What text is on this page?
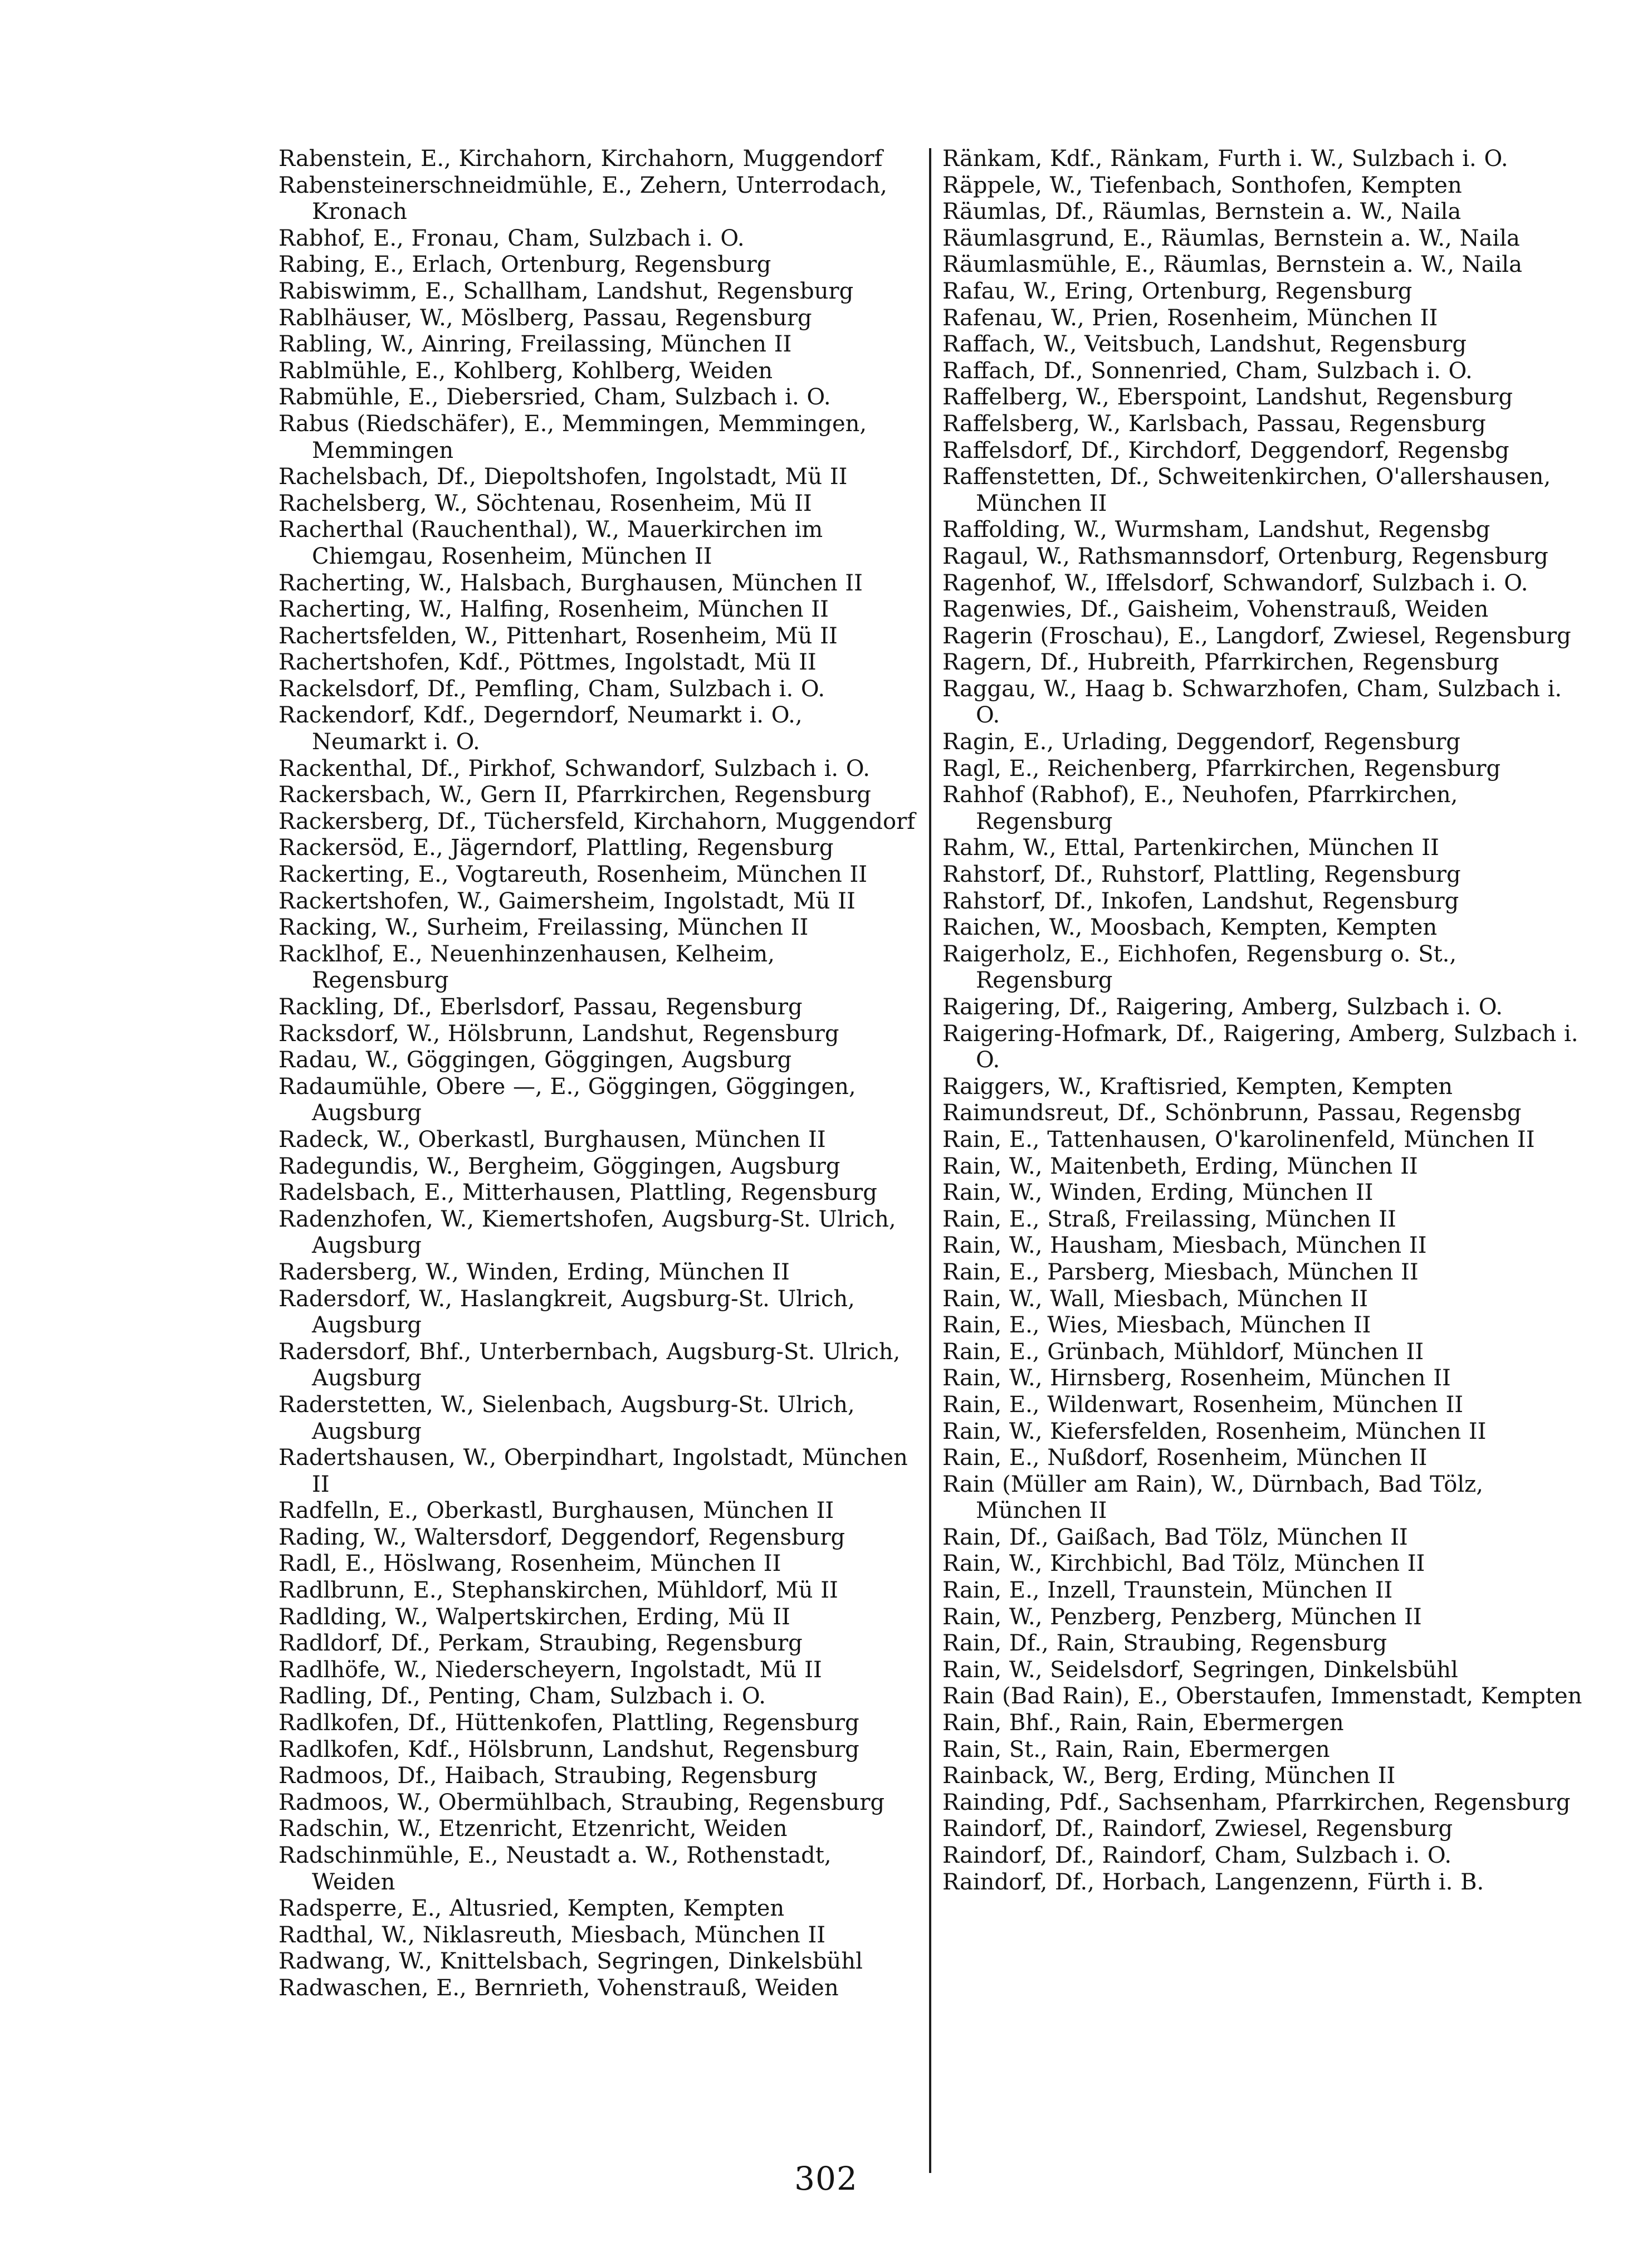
Rabenstein, E., Kirchahorn, Kirchahorn, Muggendorf
Rabensteinerschneidmühle, E., Zehern, Unterrodach, Kronach
Rabhof, E., Fronau, Cham, Sulzbach i. O.
Rabing, E., Erlach, Ortenburg, Regensburg
Rabiswimm, E., Schallham, Landshut, Regensburg
Rablhäuser, W., Möslberg, Passau, Regensburg
Rabling, W., Ainring, Freilassing, München II
Rablmühle, E., Kohlberg, Kohlberg, Weiden
Rabmühle, E., Diebersried, Cham, Sulzbach i. O.
Rabus (Riedschäfer), E., Memmingen, Memmingen, Memmingen
Rachelsbach, Df., Diepoltshofen, Ingolstadt, Mü II
Rachelsberg, W., Söchtenau, Rosenheim, Mü II
Racherthal (Rauchenthal), W., Mauerkirchen im Chiemgau, Rosenheim, München II
Racherting, W., Halsbach, Burghausen, München II
Racherting, W., Halfing, Rosenheim, München II
Rachertsfelden, W., Pittenhart, Rosenheim, Mü II
Rachertshofen, Kdf., Pöttmes, Ingolstadt, Mü II
Rackelsdorf, Df., Pemfling, Cham, Sulzbach i. O.
Rackendorf, Kdf., Degerndorf, Neumarkt i. O., Neumarkt i. O.
Rackenthal, Df., Pirkhof, Schwandorf, Sulzbach i. O.
Rackersbach, W., Gern II, Pfarrkirchen, Regensburg
Rackersberg, Df., Tüchersfeld, Kirchahorn, Muggendorf
Rackersöd, E., Jägerndorf, Plattling, Regensburg
Rackerting, E., Vogtareuth, Rosenheim, München II
Rackertshofen, W., Gaimersheim, Ingolstadt, Mü II
Racking, W., Surheim, Freilassing, München II
Racklhof, E., Neuenhinzenhausen, Kelheim, Regensburg
Rackling, Df., Eberlsdorf, Passau, Regensburg
Racksdorf, W., Hölsbrunn, Landshut, Regensburg
Radau, W., Göggingen, Göggingen, Augsburg
Radaumühle, Obere —, E., Göggingen, Göggingen, Augsburg
Radeck, W., Oberkastl, Burghausen, München II
Radegundis, W., Bergheim, Göggingen, Augsburg
Radelsbach, E., Mitterhausen, Plattling, Regensburg
Radenzhofen, W., Kiemertshofen, Augsburg-St. Ulrich, Augsburg
Radersberg, W., Winden, Erding, München II
Radersdorf, W., Haslangkreit, Augsburg-St. Ulrich, Augsburg
Radersdorf, Bhf., Unterbernbach, Augsburg-St. Ulrich, Augsburg
Raderstetten, W., Sielenbach, Augsburg-St. Ulrich, Augsburg
Radertshausen, W., Oberpindhart, Ingolstadt, München II
Radfelln, E., Oberkastl, Burghausen, München II
Rading, W., Waltersdorf, Deggendorf, Regensburg
Radl, E., Höslwang, Rosenheim, München II
Radlbrunn, E., Stephanskirchen, Mühldorf, Mü II
Radlding, W., Walpertskirchen, Erding, Mü II
Radldorf, Df., Perkam, Straubing, Regensburg
Radlhöfe, W., Niederscheyern, Ingolstadt, Mü II
Radling, Df., Penting, Cham, Sulzbach i. O.
Radlkofen, Df., Hüttenkofen, Plattling, Regensburg
Radlkofen, Kdf., Hölsbrunn, Landshut, Regensburg
Radmoos, Df., Haibach, Straubing, Regensburg
Radmoos, W., Obermühlbach, Straubing, Regensburg
Radschin, W., Etzenricht, Etzenricht, Weiden
Radschinmühle, E., Neustadt a. W., Rothenstadt, Weiden
Radsperre, E., Altusried, Kempten, Kempten
Radthal, W., Niklasreuth, Miesbach, München II
Radwang, W., Knittelsbach, Segringen, Dinkelsbühl
Radwaschen, E., Bernrieth, Vohenstrauß, Weiden
Ränkam, Kdf., Ränkam, Furth i. W., Sulzbach i. O.
Räppele, W., Tiefenbach, Sonthofen, Kempten
Räumlas, Df., Räumlas, Bernstein a. W., Naila
Räumlasgrund, E., Räumlas, Bernstein a. W., Naila
Räumlasmühle, E., Räumlas, Bernstein a. W., Naila
Rafau, W., Ering, Ortenburg, Regensburg
Rafenau, W., Prien, Rosenheim, München II
Raffach, W., Veitsbuch, Landshut, Regensburg
Raffach, Df., Sonnenried, Cham, Sulzbach i. O.
Raffelberg, W., Eberspoint, Landshut, Regensburg
Raffelsberg, W., Karlsbach, Passau, Regensburg
Raffelsdorf, Df., Kirchdorf, Deggendorf, Regensbg
Raffenstetten, Df., Schweitenkirchen, O'allershausen, München II
Raffolding, W., Wurmsham, Landshut, Regensbg
Ragaul, W., Rathsmannsdorf, Ortenburg, Regensburg
Ragenhof, W., Iffelsdorf, Schwandorf, Sulzbach i. O.
Ragenwies, Df., Gaisheim, Vohenstrauß, Weiden
Ragerin (Froschau), E., Langdorf, Zwiesel, Regensburg
Ragern, Df., Hubreith, Pfarrkirchen, Regensburg
Raggau, W., Haag b. Schwarzhofen, Cham, Sulzbach i. O.
Ragin, E., Urlading, Deggendorf, Regensburg
Ragl, E., Reichenberg, Pfarrkirchen, Regensburg
Rahhof (Rabhof), E., Neuhofen, Pfarrkirchen, Regensburg
Rahm, W., Ettal, Partenkirchen, München II
Rahstorf, Df., Ruhstorf, Plattling, Regensburg
Rahstorf, Df., Inkofen, Landshut, Regensburg
Raichen, W., Moosbach, Kempten, Kempten
Raigerholz, E., Eichhofen, Regensburg o. St., Regensburg
Raigering, Df., Raigering, Amberg, Sulzbach i. O.
Raigering-Hofmark, Df., Raigering, Amberg, Sulzbach i. O.
Raiggers, W., Kraftisried, Kempten, Kempten
Raimundsreut, Df., Schönbrunn, Passau, Regensbg
Rain, E., Tattenhausen, O'karolinenfeld, München II
Rain, W., Maitenbeth, Erding, München II
Rain, W., Winden, Erding, München II
Rain, E., Straß, Freilassing, München II
Rain, W., Hausham, Miesbach, München II
Rain, E., Parsberg, Miesbach, München II
Rain, W., Wall, Miesbach, München II
Rain, E., Wies, Miesbach, München II
Rain, E., Grünbach, Mühldorf, München II
Rain, W., Hirnsberg, Rosenheim, München II
Rain, E., Wildenwart, Rosenheim, München II
Rain, W., Kiefersfelden, Rosenheim, München II
Rain, E., Nußdorf, Rosenheim, München II
Rain (Müller am Rain), W., Dürnbach, Bad Tölz, München II
Rain, Df., Gaißach, Bad Tölz, München II
Rain, W., Kirchbichl, Bad Tölz, München II
Rain, E., Inzell, Traunstein, München II
Rain, W., Penzberg, Penzberg, München II
Rain, Df., Rain, Straubing, Regensburg
Rain, W., Seidelsdorf, Segringen, Dinkelsbühl
Rain (Bad Rain), E., Oberstaufen, Immenstadt, Kempten
Rain, Bhf., Rain, Rain, Ebermergen
Rain, St., Rain, Rain, Ebermergen
Rainback, W., Berg, Erding, München II
Rainding, Pdf., Sachsenham, Pfarrkirchen, Regensburg
Raindorf, Df., Raindorf, Zwiesel, Regensburg
Raindorf, Df., Raindorf, Cham, Sulzbach i. O.
Raindorf, Df., Horbach, Langenzenn, Fürth i. B.
302
